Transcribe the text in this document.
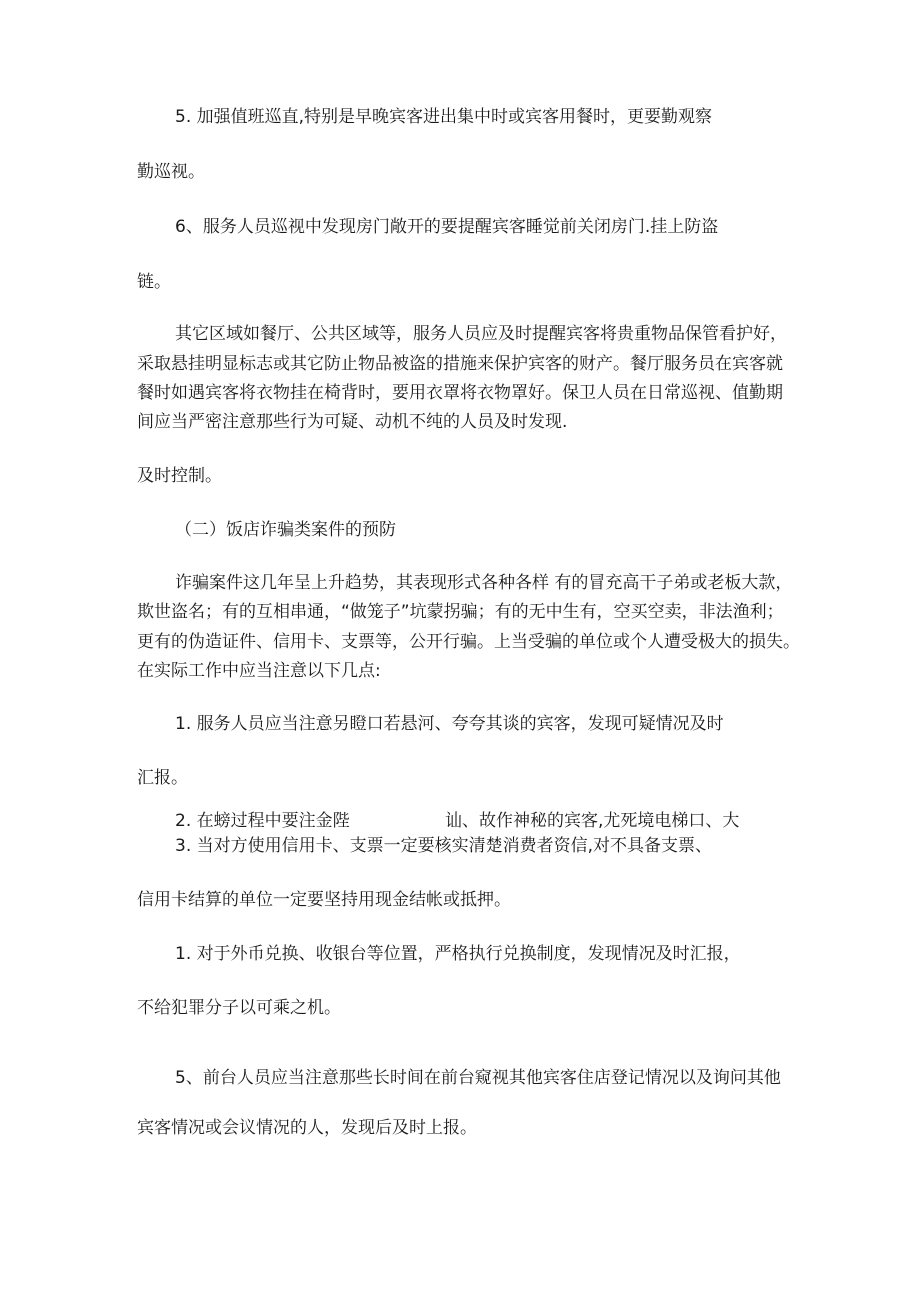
5. 加强值班巡直,特别是早晚宾客进出集中时或宾客用餐时，更要勤观察
勤巡视。
6、服务人员巡视中发现房门敞开的要提醒宾客睡觉前关闭房门.挂上防盗
链。
其它区域如餐厅、公共区域等，服务人员应及时提醒宾客将贵重物品保管看护好，
采取悬挂明显标志或其它防止物品被盗的措施来保护宾客的财产。餐厅服务员在宾客就
餐时如遇宾客将衣物挂在椅背时，要用衣罩将衣物罩好。保卫人员在日常巡视、值勤期
间应当严密注意那些行为可疑、动机不纯的人员及时发现.
及时控制。
（二）饭店诈骗类案件的预防
诈骗案件这几年呈上升趋势，其表现形式各种各样 有的冒充高干子弟或老板大款，
欺世盗名；有的互相串通，“做笼子”坑蒙拐骗；有的无中生有，空买空卖，非法渔利；
更有的伪造证件、信用卡、支票等，公开行骗。上当受骗的单位或个人遭受极大的损失。
在实际工作中应当注意以下几点:
1. 服务人员应当注意另瞪口若悬河、夸夸其谈的宾客，发现可疑情况及时
汇报。
2. 在螃过程中要注金陛	讪、故作神秘的宾客,尤死境电梯口、大
3. 当对方使用信用卡、支票一定要核实清楚消费者资信,对不具备支票、
信用卡结算的单位一定要坚持用现金结帐或抵押。
1. 对于外币兑换、收银台等位置，严格执行兑换制度，发现情况及时汇报，
不给犯罪分子以可乘之机。
5、前台人员应当注意那些长时间在前台窥视其他宾客住店登记情况以及询问其他
宾客情况或会议情况的人，发现后及时上报。
